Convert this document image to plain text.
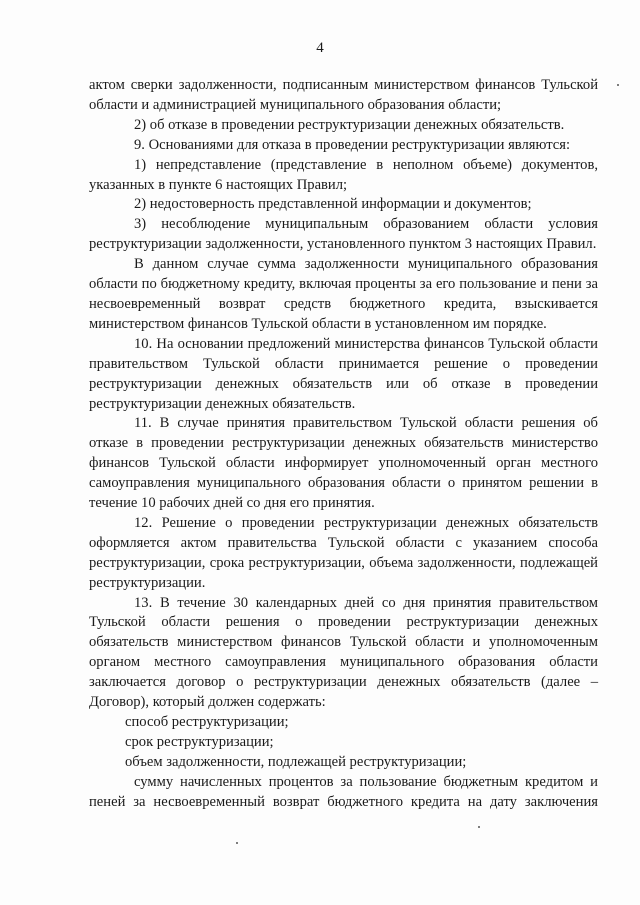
4

актом сверки задолженности, подписанным министерством финансов Тульской области и администрацией муниципального образования области;

2) об отказе в проведении реструктуризации денежных обязательств.

9. Основаниями для отказа в проведении реструктуризации являются:

1) непредставление (представление в неполном объеме) документов, указанных в пункте 6 настоящих Правил;

2) недостоверность представленной информации и документов;

3) несоблюдение муниципальным образованием области условия реструктуризации задолженности, установленного пунктом 3 настоящих Правил.

В данном случае сумма задолженности муниципального образования области по бюджетному кредиту, включая проценты за его пользование и пени за несвоевременный возврат средств бюджетного кредита, взыскивается министерством финансов Тульской области в установленном им порядке.

10. На основании предложений министерства финансов Тульской области правительством Тульской области принимается решение о проведении реструктуризации денежных обязательств или об отказе в проведении реструктуризации денежных обязательств.

11. В случае принятия правительством Тульской области решения об отказе в проведении реструктуризации денежных обязательств министерство финансов Тульской области информирует уполномоченный орган местного самоуправления муниципального образования области о принятом решении в течение 10 рабочих дней со дня его принятия.

12. Решение о проведении реструктуризации денежных обязательств оформляется актом правительства Тульской области с указанием способа реструктуризации, срока реструктуризации, объема задолженности, подлежащей реструктуризации.

13. В течение 30 календарных дней со дня принятия правительством Тульской области решения о проведении реструктуризации денежных обязательств министерством финансов Тульской области и уполномоченным органом местного самоуправления муниципального образования области заключается договор о реструктуризации денежных обязательств (далее – Договор), который должен содержать:

способ реструктуризации;

срок реструктуризации;

объем задолженности, подлежащей реструктуризации;

сумму начисленных процентов за пользование бюджетным кредитом и пеней за несвоевременный возврат бюджетного кредита на дату заключения
